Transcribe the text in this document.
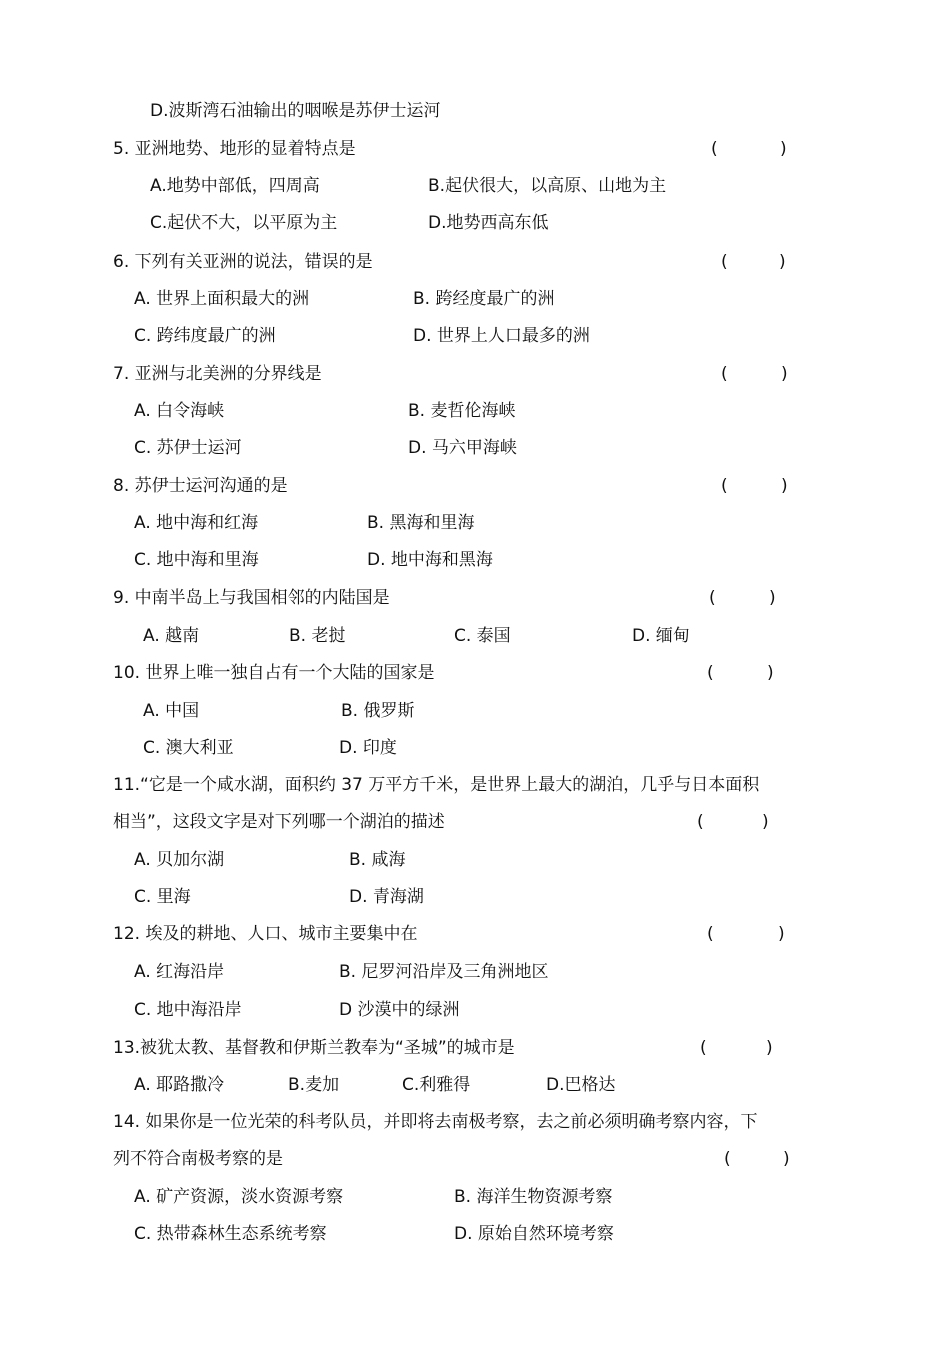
D.波斯湾石油输出的咽喉是苏伊士运河
5. 亚洲地势、地形的显着特点是	(	)
A.地势中部低，四周高	B.起伏很大，以高原、山地为主
C.起伏不大，以平原为主	D.地势西高东低
6. 下列有关亚洲的说法，错误的是	(	)
A. 世界上面积最大的洲	B. 跨经度最广的洲
C. 跨纬度最广的洲	D. 世界上人口最多的洲
7. 亚洲与北美洲的分界线是	(	)
A. 白令海峡	B. 麦哲伦海峡
C. 苏伊士运河	D. 马六甲海峡
8. 苏伊士运河沟通的是	(	)
A. 地中海和红海	B. 黑海和里海
C. 地中海和里海	D. 地中海和黑海
9. 中南半岛上与我国相邻的内陆国是	(	)
A. 越南	B. 老挝	C. 泰国	D. 缅甸
10. 世界上唯一独自占有一个大陆的国家是	(	)
A. 中国	B. 俄罗斯
C. 澳大利亚	D. 印度
11.“它是一个咸水湖，面积约 37 万平方千米，是世界上最大的湖泊，几乎与日本面积
相当”，这段文字是对下列哪一个湖泊的描述	(	)
A. 贝加尔湖	B. 咸海
C. 里海	D. 青海湖
12. 埃及的耕地、人口、城市主要集中在	(	)
A. 红海沿岸	B. 尼罗河沿岸及三角洲地区
C. 地中海沿岸	D 沙漠中的绿洲
13.被犹太教、基督教和伊斯兰教奉为“圣城”的城市是	(	)
A. 耶路撒冷	B.麦加	C.利雅得	D.巴格达
14. 如果你是一位光荣的科考队员，并即将去南极考察，去之前必须明确考察内容，下
列不符合南极考察的是	(	)
A. 矿产资源，淡水资源考察	B. 海洋生物资源考察
C. 热带森林生态系统考察	D. 原始自然环境考察
